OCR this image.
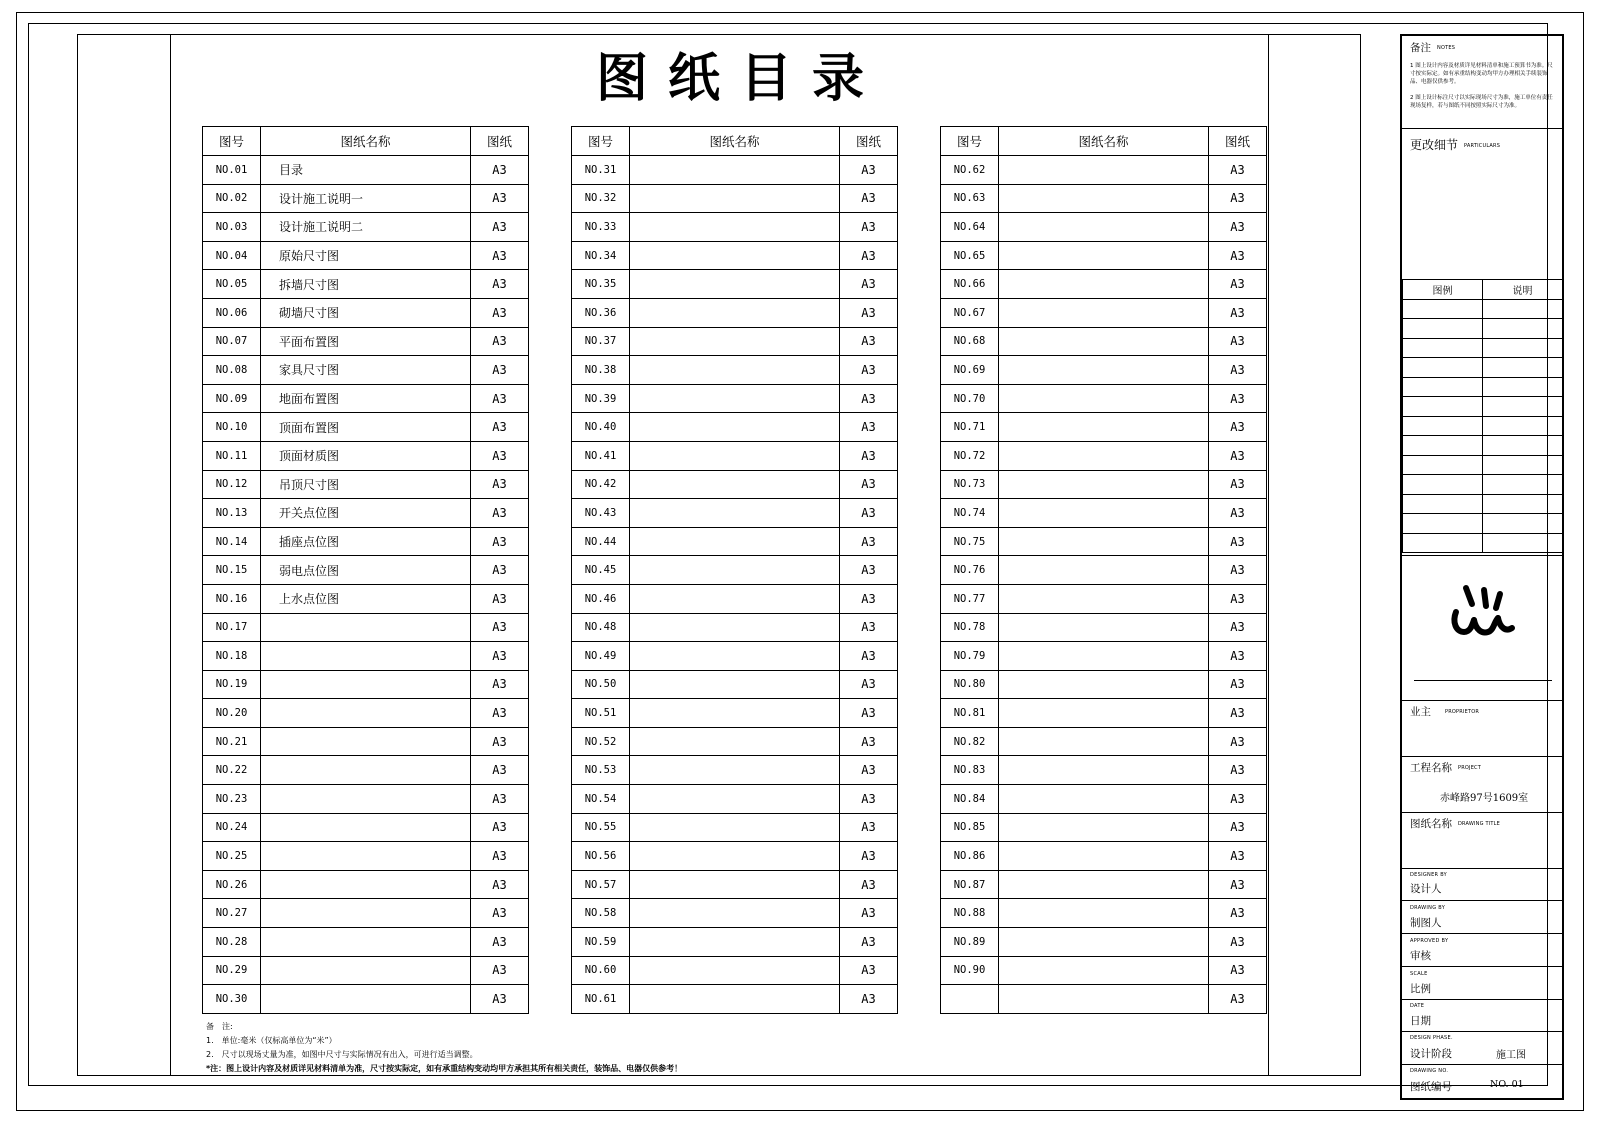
图纸目录
图号	图纸名称	图纸
NO.01	目录	A3
NO.02	设计施工说明一	A3
NO.03	设计施工说明二	A3
NO.04	原始尺寸图	A3
NO.05	拆墙尺寸图	A3
NO.06	砌墙尺寸图	A3
NO.07	平面布置图	A3
NO.08	家具尺寸图	A3
NO.09	地面布置图	A3
NO.10	顶面布置图	A3
NO.11	顶面材质图	A3
NO.12	吊顶尺寸图	A3
NO.13	开关点位图	A3
NO.14	插座点位图	A3
NO.15	弱电点位图	A3
NO.16	上水点位图	A3
NO.17		A3
NO.18		A3
NO.19		A3
NO.20		A3
NO.21		A3
NO.22		A3
NO.23		A3
NO.24		A3
NO.25		A3
NO.26		A3
NO.27		A3
NO.28		A3
NO.29		A3
NO.30		A3
图号	图纸名称	图纸
NO.31		A3
NO.32		A3
NO.33		A3
NO.34		A3
NO.35		A3
NO.36		A3
NO.37		A3
NO.38		A3
NO.39		A3
NO.40		A3
NO.41		A3
NO.42		A3
NO.43		A3
NO.44		A3
NO.45		A3
NO.46		A3
NO.48		A3
NO.49		A3
NO.50		A3
NO.51		A3
NO.52		A3
NO.53		A3
NO.54		A3
NO.55		A3
NO.56		A3
NO.57		A3
NO.58		A3
NO.59		A3
NO.60		A3
NO.61		A3
图号	图纸名称	图纸
NO.62		A3
NO.63		A3
NO.64		A3
NO.65		A3
NO.66		A3
NO.67		A3
NO.68		A3
NO.69		A3
NO.70		A3
NO.71		A3
NO.72		A3
NO.73		A3
NO.74		A3
NO.75		A3
NO.76		A3
NO.77		A3
NO.78		A3
NO.79		A3
NO.80		A3
NO.81		A3
NO.82		A3
NO.83		A3
NO.84		A3
NO.85		A3
NO.86		A3
NO.87		A3
NO.88		A3
NO.89		A3
NO.90		A3
		A3
备　注:
1.　单位:毫米（仅标高单位为“米”）
2.　尺寸以现场丈量为准，如图中尺寸与实际情况有出入，可进行适当调整。
*注：图上设计内容及材质详见材料清单为准，尺寸按实际定，如有承重结构变动均甲方承担其所有相关责任，装饰品、电器仅供参考！
备注 NOTES
1 图上设计内容及材质详见材料清单和施工预算书为准。尺寸按实际定。如有承重结构变动均甲方办理相关手续装饰品、电器仅供参考。
2 图上设计标注尺寸以实际现场尺寸为准，施工单位有责任现场复样，若与图纸不同按照实际尺寸为准。
更改细节 PARTICULARS
图例	说明

业主	PROPRIETOR
工程名称 PROJECT
赤峰路97号1609室
图纸名称 DRAWING TITLE
DESIGNER BY
设计人
DRAWING BY
制图人
APPROVED BY
审核
SCALE
比例
DATE
日期
DESIGN PHASE.
设计阶段	施工图
DRAWING NO.
图纸编号	NO. 01
